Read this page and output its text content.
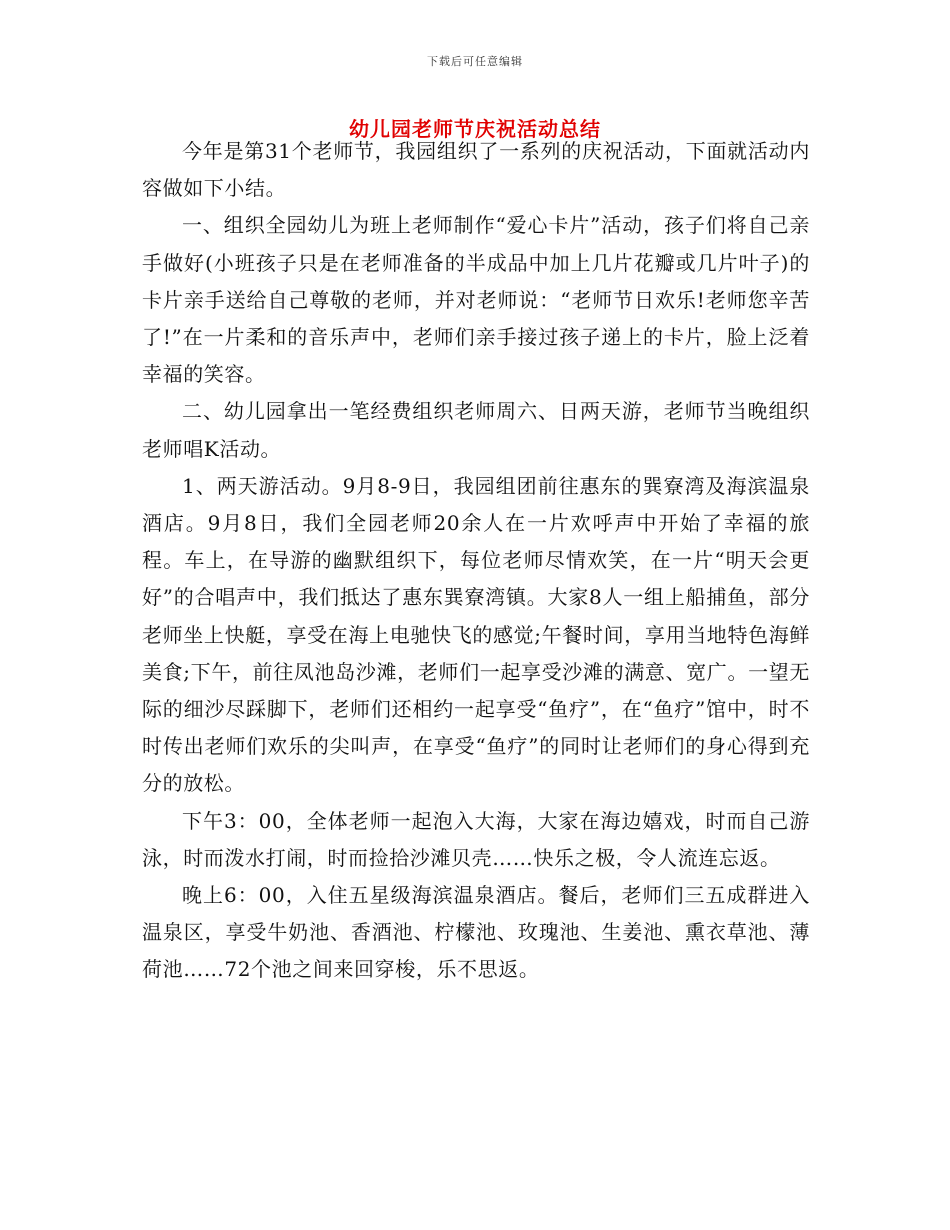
下载后可任意编辑
幼儿园老师节庆祝活动总结

今年是第31个老师节，我园组织了一系列的庆祝活动，下面就活动内容做如下小结。

一、组织全园幼儿为班上老师制作“爱心卡片”活动，孩子们将自己亲手做好(小班孩子只是在老师准备的半成品中加上几片花瓣或几片叶子)的卡片亲手送给自己尊敬的老师，并对老师说：“老师节日欢乐!老师您辛苦了!”在一片柔和的音乐声中，老师们亲手接过孩子递上的卡片，脸上泛着幸福的笑容。

二、幼儿园拿出一笔经费组织老师周六、日两天游，老师节当晚组织老师唱K活动。

1、两天游活动。9月8-9日，我园组团前往惠东的巽寮湾及海滨温泉酒店。9月8日，我们全园老师20余人在一片欢呼声中开始了幸福的旅程。车上，在导游的幽默组织下，每位老师尽情欢笑，在一片“明天会更好”的合唱声中，我们抵达了惠东巽寮湾镇。大家8人一组上船捕鱼，部分老师坐上快艇，享受在海上电驰快飞的感觉;午餐时间，享用当地特色海鲜美食;下午，前往凤池岛沙滩，老师们一起享受沙滩的满意、宽广。一望无际的细沙尽踩脚下，老师们还相约一起享受“鱼疗”，在“鱼疗”馆中，时不时传出老师们欢乐的尖叫声，在享受“鱼疗”的同时让老师们的身心得到充分的放松。

下午3：00，全体老师一起泡入大海，大家在海边嬉戏，时而自己游泳，时而泼水打闹，时而捡拾沙滩贝壳……快乐之极，令人流连忘返。

晚上6：00，入住五星级海滨温泉酒店。餐后，老师们三五成群进入温泉区，享受牛奶池、香酒池、柠檬池、玫瑰池、生姜池、熏衣草池、薄荷池……72个池之间来回穿梭，乐不思返。
